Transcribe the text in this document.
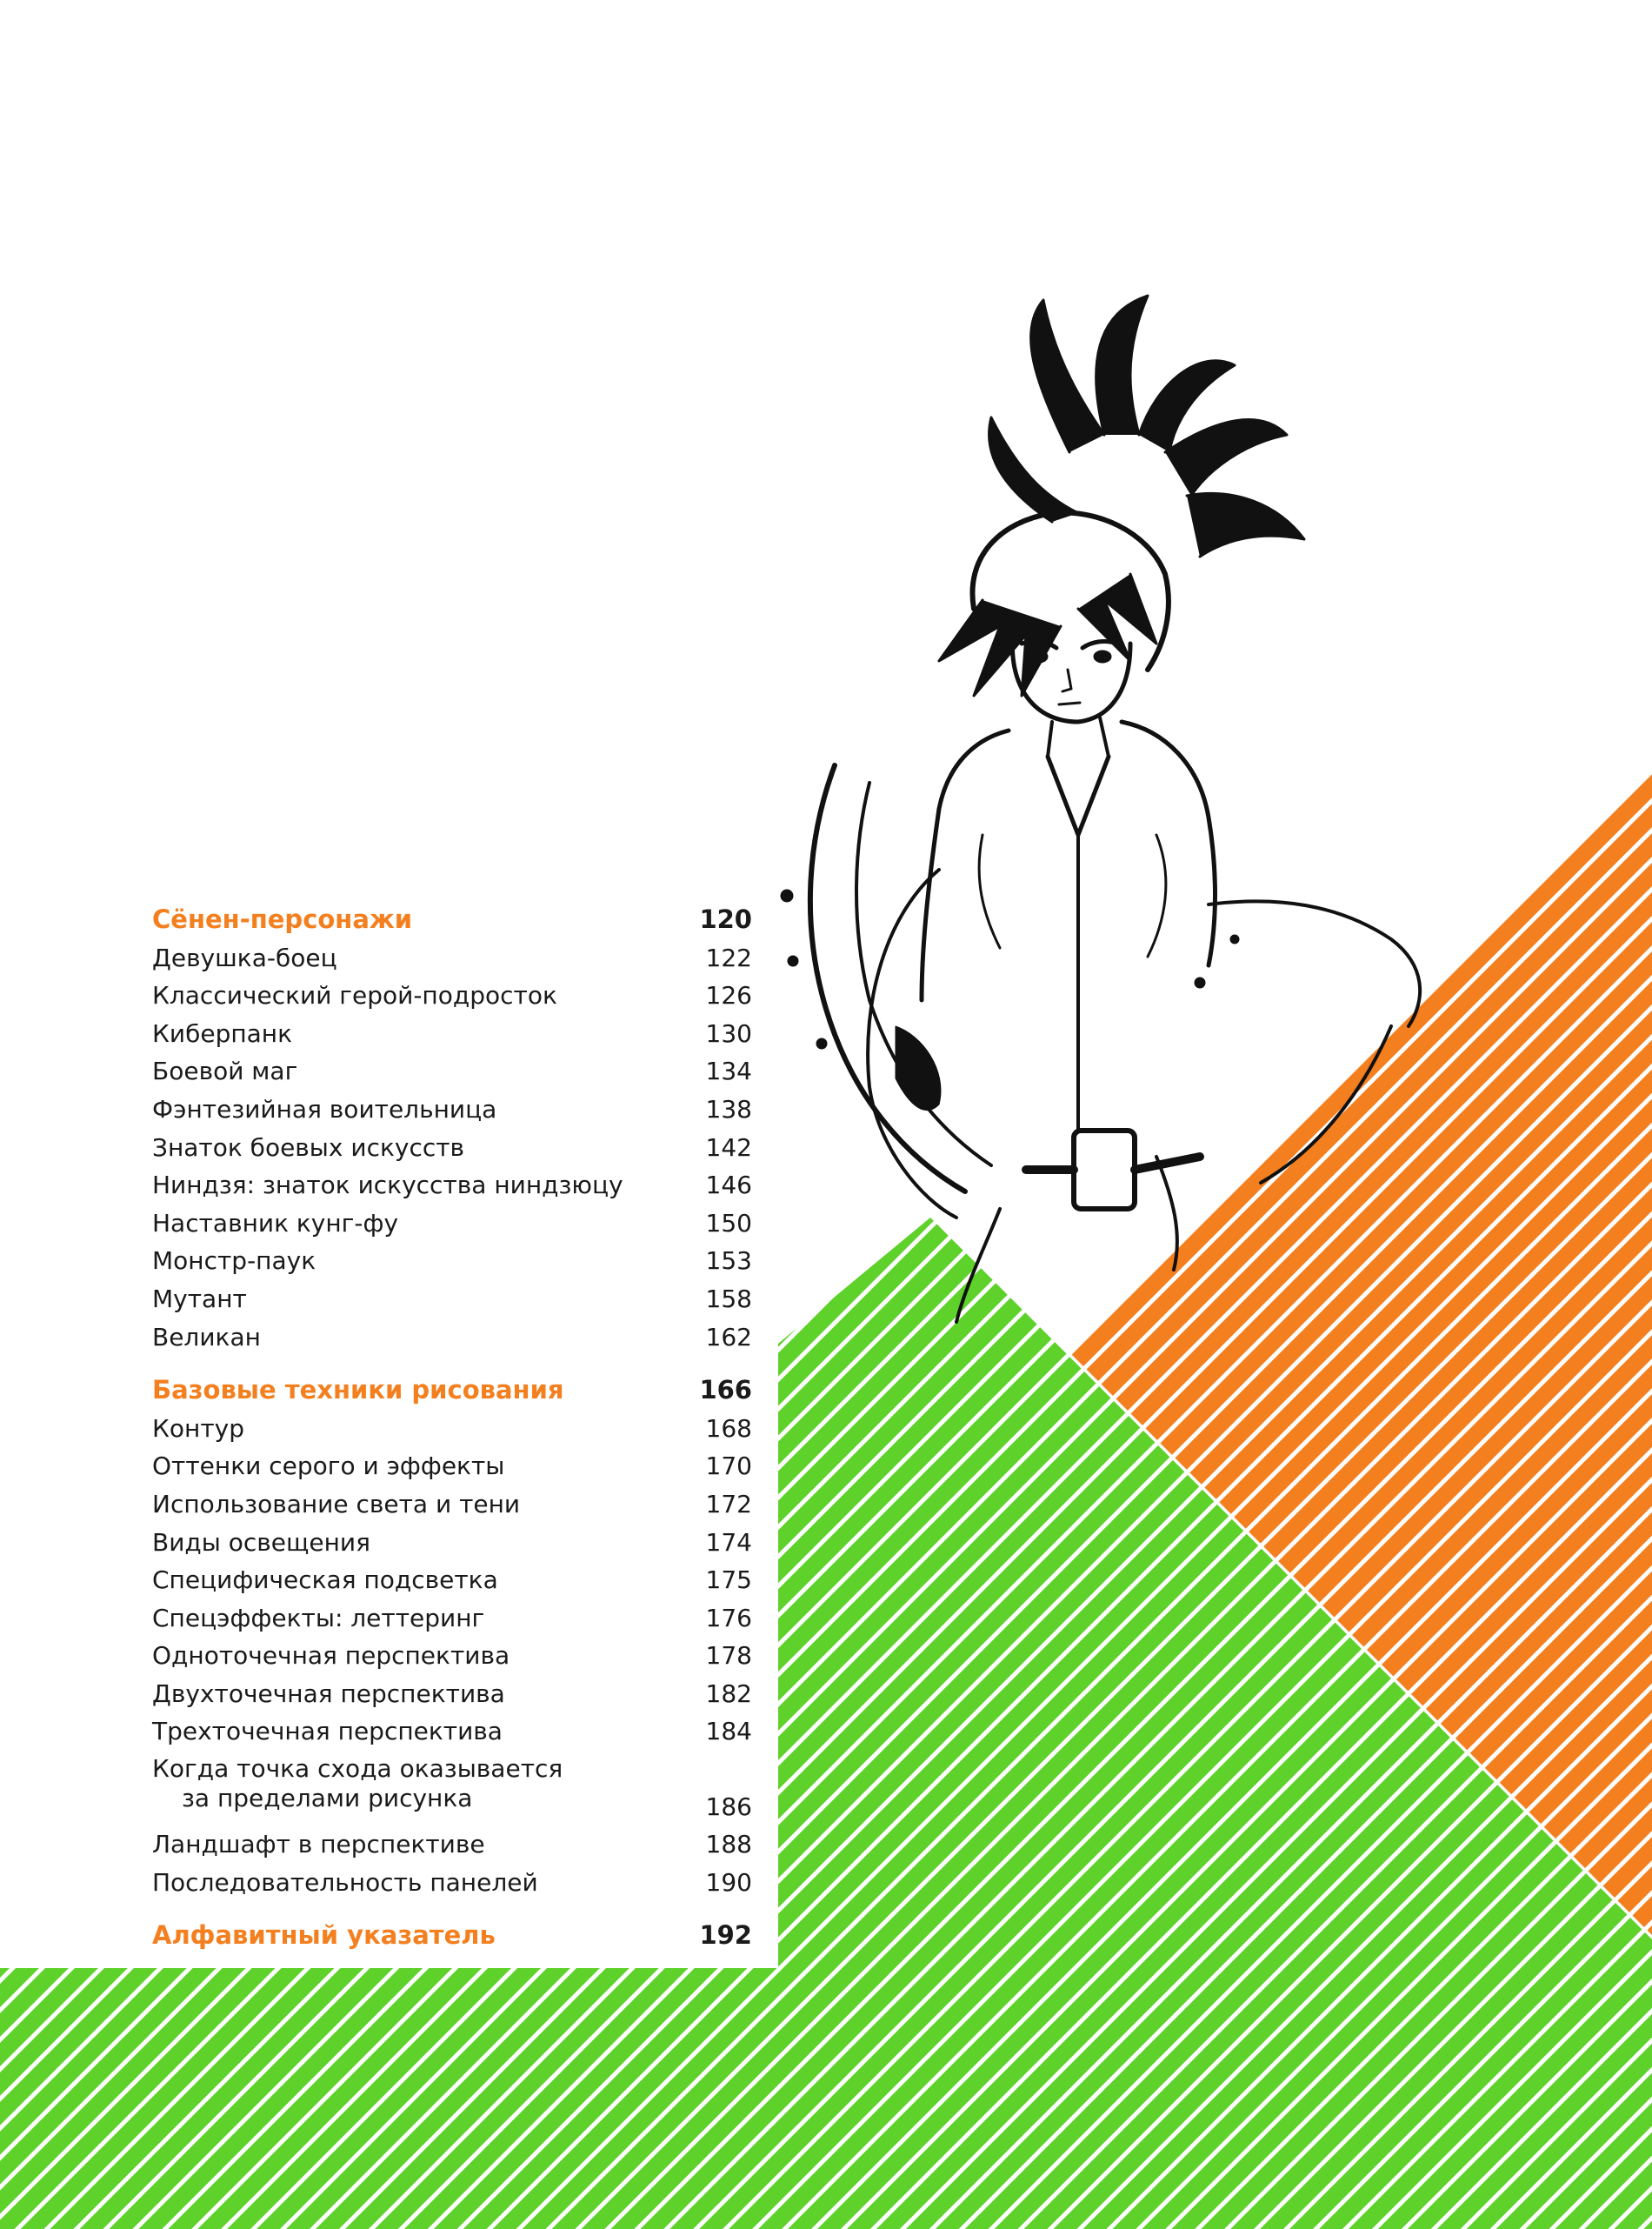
Сёнен-персонажи	120
Девушка-боец	122
Классический герой-подросток	126
Киберпанк	130
Боевой маг	134
Фэнтезийная воительница	138
Знаток боевых искусств	142
Ниндзя: знаток искусства ниндзюцу	146
Наставник кунг-фу	150
Монстр-паук	153
Мутант	158
Великан	162
Базовые техники рисования	166
Контур	168
Оттенки серого и эффекты	170
Использование света и тени	172
Виды освещения	174
Специфическая подсветка	175
Спецэффекты: леттеринг	176
Одноточечная перспектива	178
Двухточечная перспектива	182
Трехточечная перспектива	184
Когда точка схода оказывается
за пределами рисунка	186
Ландшафт в перспективе	188
Последовательность панелей	190
Алфавитный указатель	192
